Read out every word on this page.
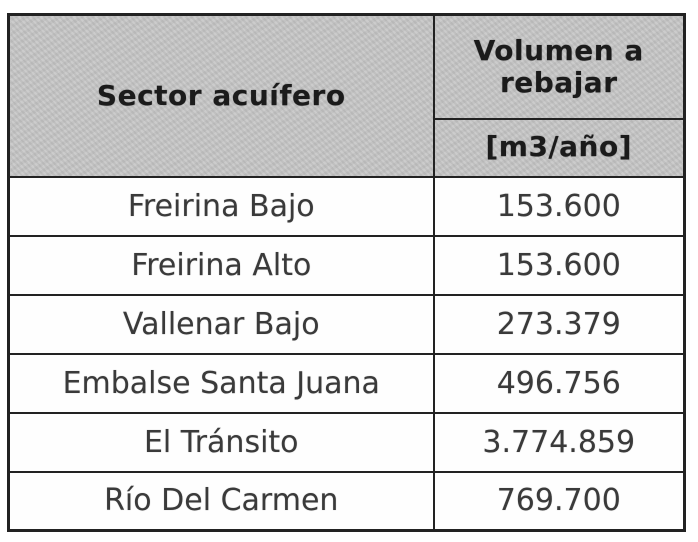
Sector acuífero	Volumen a rebajar
	[m3/año]
Freirina Bajo	153.600
Freirina Alto	153.600
Vallenar Bajo	273.379
Embalse Santa Juana	496.756
El Tránsito	3.774.859
Río Del Carmen	769.700
